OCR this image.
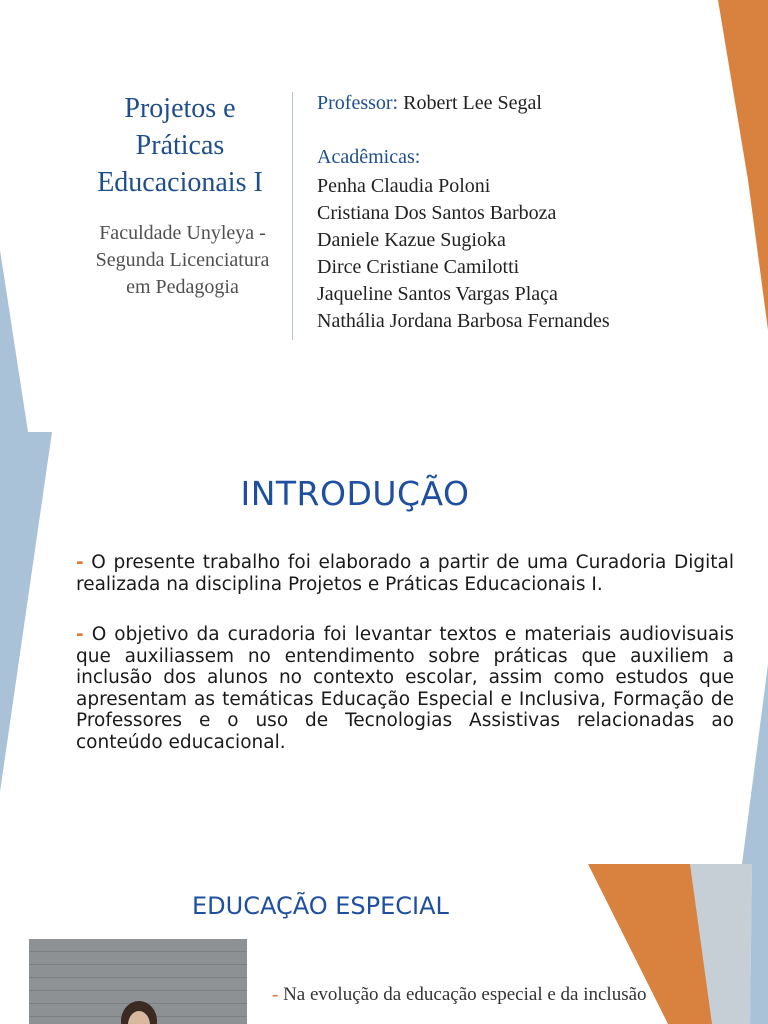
Projetos e
Práticas
Educacionais I
Faculdade Unyleya -
Segunda Licenciatura
em Pedagogia
Professor: Robert Lee Segal
Acadêmicas:
Penha Claudia Poloni
Cristiana Dos Santos Barboza
Daniele Kazue Sugioka
Dirce Cristiane Camilotti
Jaqueline Santos Vargas Plaça
Nathália Jordana Barbosa Fernandes
INTRODUÇÃO

- O presente trabalho foi elaborado a partir de uma Curadoria Digital realizada na disciplina Projetos e Práticas Educacionais I.

- O objetivo da curadoria foi levantar textos e materiais audiovisuais que auxiliassem no entendimento sobre práticas que auxiliem a inclusão dos alunos no contexto escolar, assim como estudos que apresentam as temáticas Educação Especial e Inclusiva, Formação de Professores e o uso de Tecnologias Assistivas relacionadas ao conteúdo educacional.

EDUCAÇÃO ESPECIAL

- Na evolução da educação especial e da inclusão
